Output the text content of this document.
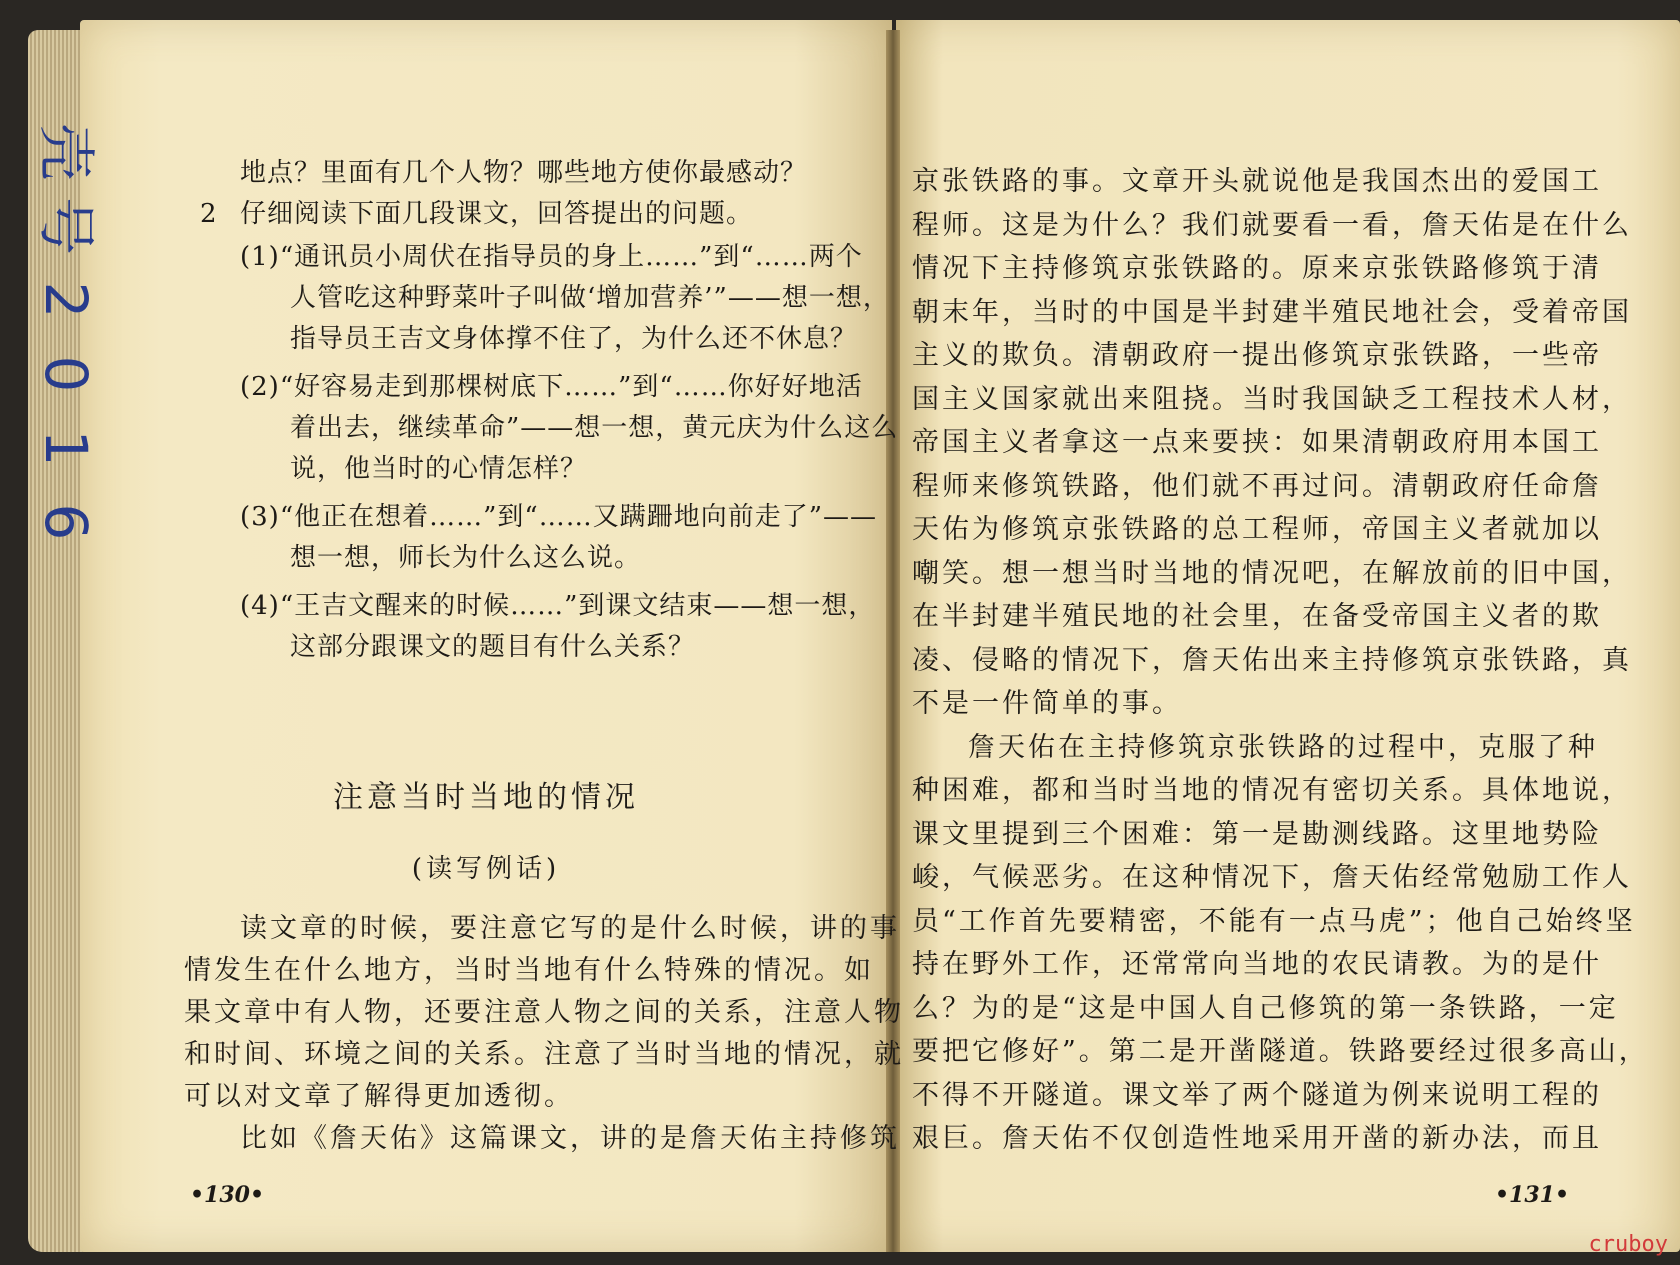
壳
号
2
0
1
6
地点？里面有几个人物？哪些地方使你最感动？
2 仔细阅读下面几段课文，回答提出的问题。
(1)“通讯员小周伏在指导员的身上……”到“……两个
人管吃这种野菜叶子叫做‘增加营养’”——想一想，
指导员王吉文身体撑不住了，为什么还不休息？
(2)“好容易走到那棵树底下……”到“……你好好地活
着出去，继续革命”——想一想，黄元庆为什么这么
说，他当时的心情怎样？
(3)“他正在想着……”到“……又蹒跚地向前走了”——
想一想，师长为什么这么说。
(4)“王吉文醒来的时候……”到课文结束——想一想，
这部分跟课文的题目有什么关系？
注意当时当地的情况
(读写例话)
读文章的时候，要注意它写的是什么时候，讲的事
情发生在什么地方，当时当地有什么特殊的情况。如
果文章中有人物，还要注意人物之间的关系，注意人物
和时间、环境之间的关系。注意了当时当地的情况，就
可以对文章了解得更加透彻。
比如《詹天佑》这篇课文，讲的是詹天佑主持修筑
•130•
京张铁路的事。文章开头就说他是我国杰出的爱国工
程师。这是为什么？我们就要看一看，詹天佑是在什么
情况下主持修筑京张铁路的。原来京张铁路修筑于清
朝末年，当时的中国是半封建半殖民地社会，受着帝国
主义的欺负。清朝政府一提出修筑京张铁路，一些帝
国主义国家就出来阻挠。当时我国缺乏工程技术人材，
帝国主义者拿这一点来要挟：如果清朝政府用本国工
程师来修筑铁路，他们就不再过问。清朝政府任命詹
天佑为修筑京张铁路的总工程师，帝国主义者就加以
嘲笑。想一想当时当地的情况吧，在解放前的旧中国，
在半封建半殖民地的社会里，在备受帝国主义者的欺
凌、侵略的情况下，詹天佑出来主持修筑京张铁路，真
不是一件简单的事。
詹天佑在主持修筑京张铁路的过程中，克服了种
种困难，都和当时当地的情况有密切关系。具体地说，
课文里提到三个困难：第一是勘测线路。这里地势险
峻，气候恶劣。在这种情况下，詹天佑经常勉励工作人
员“工作首先要精密，不能有一点马虎”；他自己始终坚
持在野外工作，还常常向当地的农民请教。为的是什
么？为的是“这是中国人自己修筑的第一条铁路，一定
要把它修好”。第二是开凿隧道。铁路要经过很多高山，
不得不开隧道。课文举了两个隧道为例来说明工程的
艰巨。詹天佑不仅创造性地采用开凿的新办法，而且
•131•
cruboy
